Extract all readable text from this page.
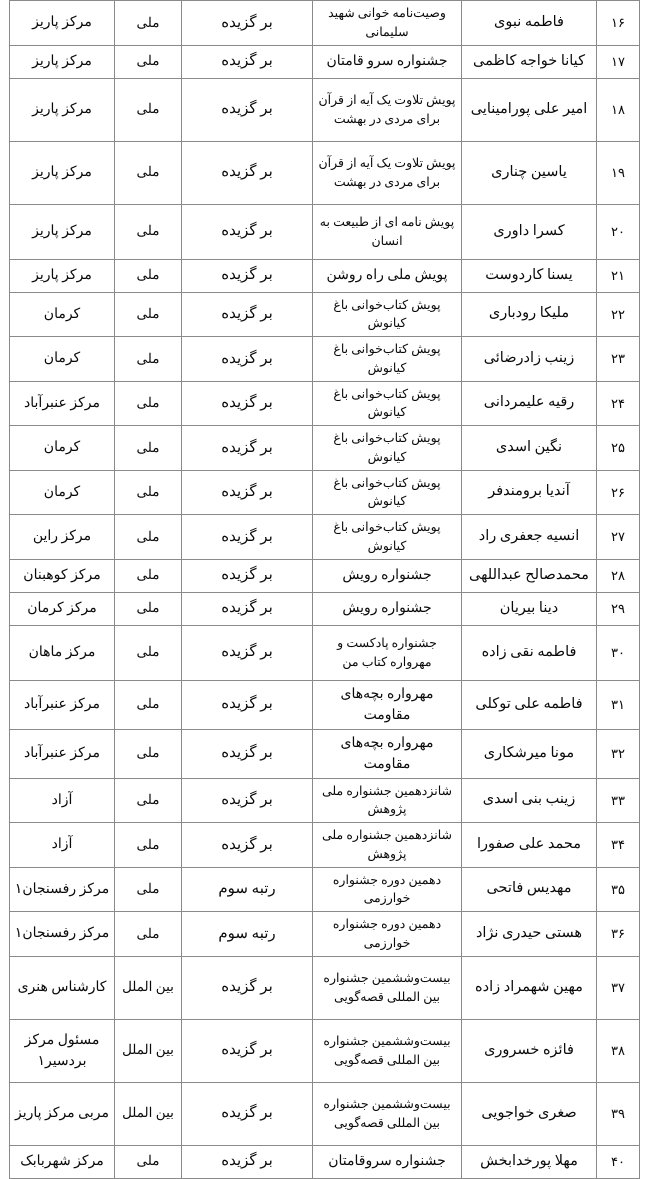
۱۶	فاطمه نبوی	وصیت‌نامه خوانی شهید سلیمانی	بر گزیده	ملی	مرکز پاریز
۱۷	کیانا خواجه کاظمی	جشنواره سرو قامتان	بر گزیده	ملی	مرکز پاریز
۱۸	امیر علی پورامینایی	پویش تلاوت یک آیه از قرآن برای مردی در بهشت	بر گزیده	ملی	مرکز پاریز
۱۹	یاسین چناری	پویش تلاوت یک آیه از قرآن برای مردی در بهشت	بر گزیده	ملی	مرکز پاریز
۲۰	کسرا داوری	پویش نامه ای از طبیعت به انسان	بر گزیده	ملی	مرکز پاریز
۲۱	یسنا کاردوست	پویش ملی راه روشن	بر گزیده	ملی	مرکز پاریز
۲۲	ملیکا رودباری	پویش کتاب‌خوانی باغ کیانوش	بر گزیده	ملی	کرمان
۲۳	زینب زادرضائی	پویش کتاب‌خوانی باغ کیانوش	بر گزیده	ملی	کرمان
۲۴	رقیه علیمردانی	پویش کتاب‌خوانی باغ کیانوش	بر گزیده	ملی	مرکز عنبرآباد
۲۵	نگین اسدی	پویش کتاب‌خوانی باغ کیانوش	بر گزیده	ملی	کرمان
۲۶	آندیا برومندفر	پویش کتاب‌خوانی باغ کیانوش	بر گزیده	ملی	کرمان
۲۷	انسیه جعفری راد	پویش کتاب‌خوانی باغ کیانوش	بر گزیده	ملی	مرکز راین
۲۸	محمدصالح عبداللهی	جشنواره رویش	بر گزیده	ملی	مرکز کوهبنان
۲۹	دینا بیریان	جشنواره رویش	بر گزیده	ملی	مرکز کرمان
۳۰	فاطمه نقی زاده	جشنواره پادکست و مهرواره کتاب من	بر گزیده	ملی	مرکز ماهان
۳۱	فاطمه علی توکلی	مهرواره بچه‌های مقاومت	بر گزیده	ملی	مرکز عنبرآباد
۳۲	مونا میرشکاری	مهرواره بچه‌های مقاومت	بر گزیده	ملی	مرکز عنبرآباد
۳۳	زینب بنی اسدی	شانزدهمین جشنواره ملی پژوهش	بر گزیده	ملی	آزاد
۳۴	محمد علی صفورا	شانزدهمین جشنواره ملی پژوهش	بر گزیده	ملی	آزاد
۳۵	مهدیس فاتحی	دهمین دوره جشنواره خوارزمی	رتبه سوم	ملی	مرکز رفسنجان۱
۳۶	هستی حیدری نژاد	دهمین دوره جشنواره خوارزمی	رتبه سوم	ملی	مرکز رفسنجان۱
۳۷	مهین شهمراد زاده	بیست‌وششمین جشنواره بین المللی قصه‌گویی	بر گزیده	بین الملل	کارشناس هنری
۳۸	فائزه خسروری	بیست‌وششمین جشنواره بین المللی قصه‌گویی	بر گزیده	بین الملل	مسئول مرکز بردسیر۱
۳۹	صغری خواجویی	بیست‌وششمین جشنواره بین المللی قصه‌گویی	بر گزیده	بین الملل	مربی مرکز پاریز
۴۰	مهلا پورخدابخش	جشنواره سروقامتان	بر گزیده	ملی	مرکز شهربابک
